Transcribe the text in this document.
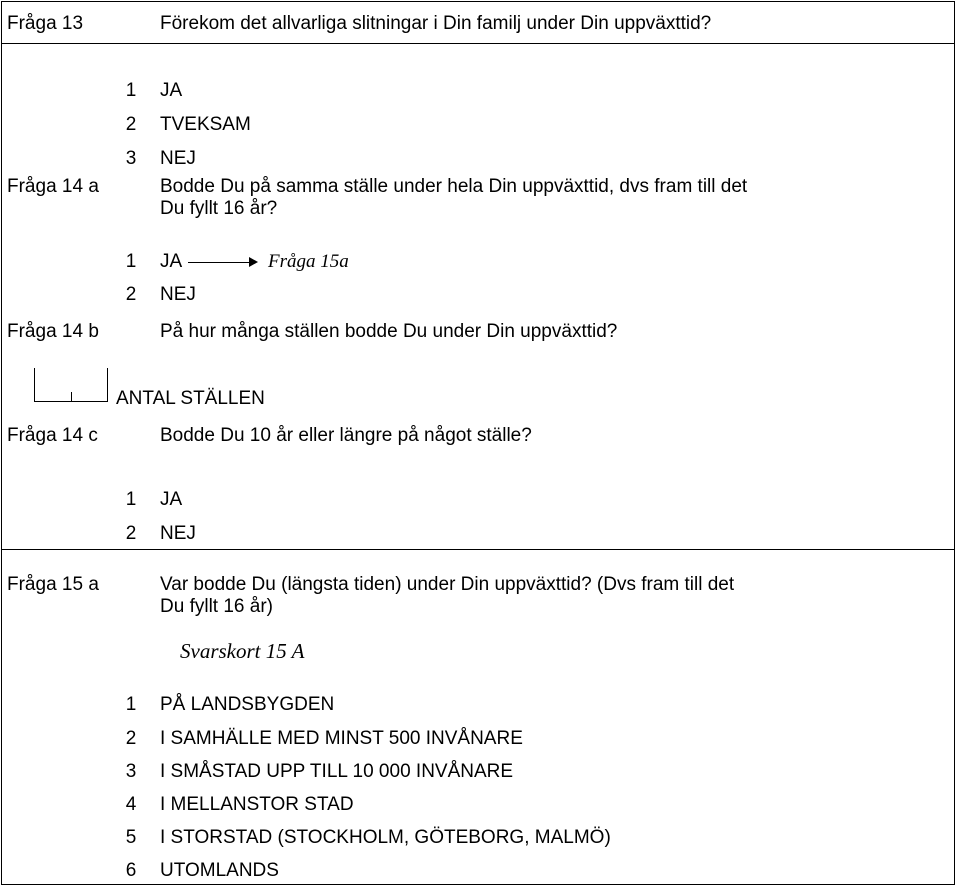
Fråga 13	Förekom det allvarliga slitningar i Din familj under Din uppväxttid?
1 JA
2 TVEKSAM
3 NEJ
Fråga 14 a	Bodde Du på samma ställe under hela Din uppväxttid, dvs fram till det
Du fyllt 16 år?
1 JA	Fråga 15a
2 NEJ
Fråga 14 b	På hur många ställen bodde Du under Din uppväxttid?
ANTAL STÄLLEN
Fråga 14 c	Bodde Du 10 år eller längre på något ställe?
1 JA
2 NEJ
Fråga 15 a	Var bodde Du (längsta tiden) under Din uppväxttid? (Dvs fram till det
Du fyllt 16 år)
Svarskort 15 A
1 PÅ LANDSBYGDEN
2 I SAMHÄLLE MED MINST 500 INVÅNARE
3 I SMÅSTAD UPP TILL 10 000 INVÅNARE
4 I MELLANSTOR STAD
5 I STORSTAD (STOCKHOLM, GÖTEBORG, MALMÖ)
6 UTOMLANDS
